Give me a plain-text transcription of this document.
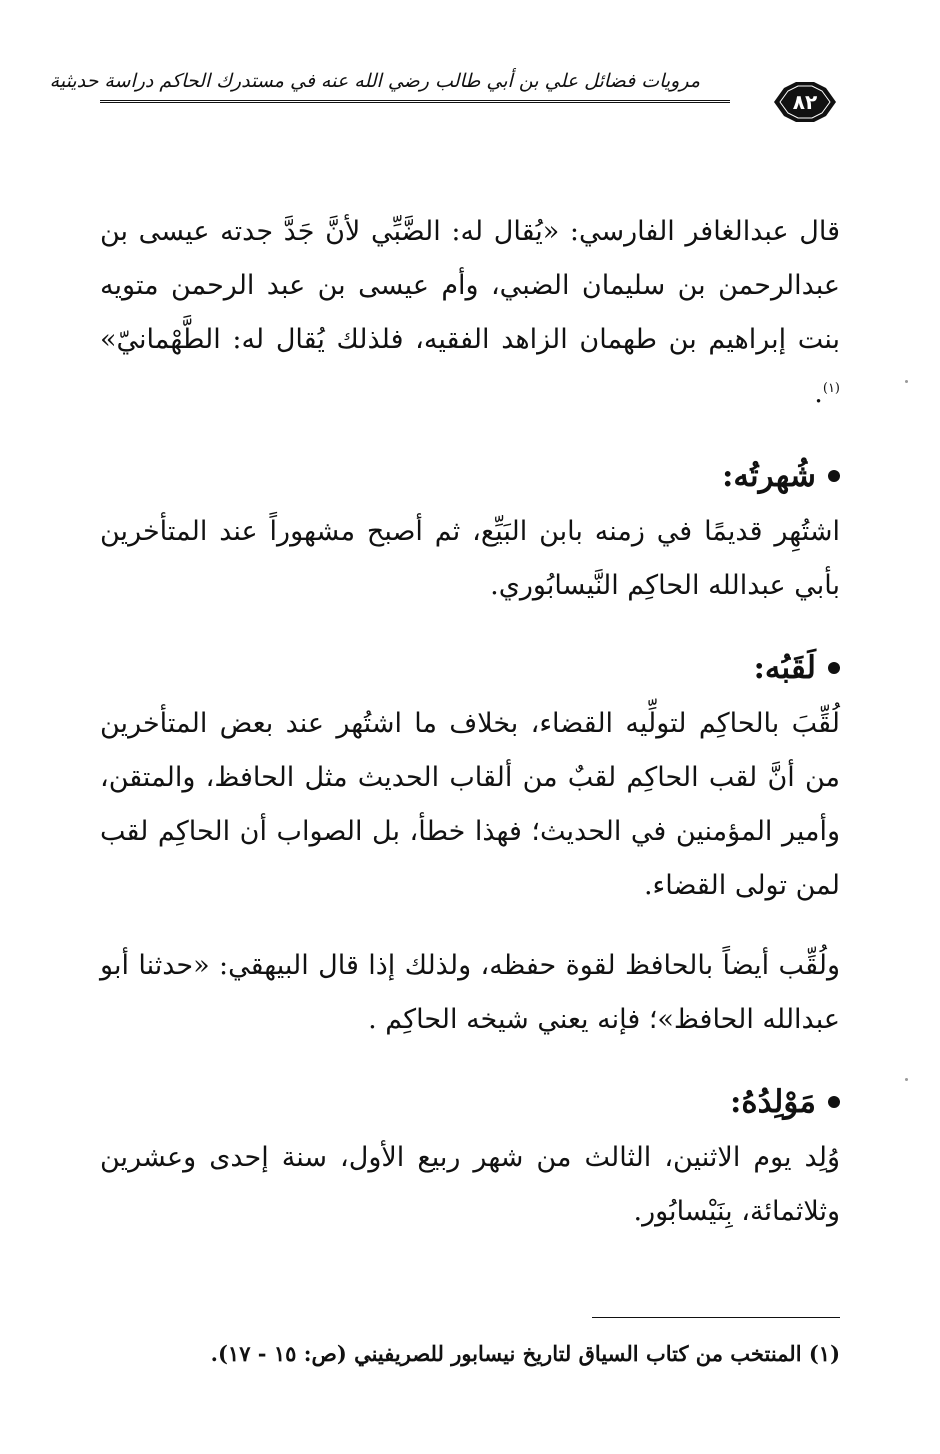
مرويات فضائل علي بن أبي طالب رضي الله عنه في مستدرك الحاكم دراسة حديثية
٨٢

قال عبدالغافر الفارسي: «يُقال له: الضَّبِّي لأنَّ جَدَّ جدته عيسى بن عبدالرحمن بن سليمان الضبي، وأم عيسى بن عبد الرحمن متويه بنت إبراهيم بن طهمان الزاهد الفقيه، فلذلك يُقال له: الطَّهْمانيّ» $^{(١)}$.

شُهرتُه:

اشتُهِر قديمًا في زمنه بابن البَيِّع، ثم أصبح مشهوراً عند المتأخرين بأبي عبدالله الحاكِم النَّيسابُوري.

لَقَبُه:

لُقِّبَ بالحاكِم لتولِّيه القضاء، بخلاف ما اشتُهر عند بعض المتأخرين من أنَّ لقب الحاكِم لقبٌ من ألقاب الحديث مثل الحافظ، والمتقن، وأمير المؤمنين في الحديث؛ فهذا خطأ، بل الصواب أن الحاكِم لقب لمن تولى القضاء.

ولُقِّب أيضاً بالحافظ لقوة حفظه، ولذلك إذا قال البيهقي: «حدثنا أبو عبدالله الحافظ»؛ فإنه يعني شيخه الحاكِم .

مَوْلِدُهُ:

وُلِد يوم الاثنين، الثالث من شهر ربيع الأول، سنة إحدى وعشرين وثلاثمائة، بِنَيْسابُور.

(١) المنتخب من كتاب السياق لتاريخ نيسابور للصريفيني (ص: ١٥ - ١٧).
